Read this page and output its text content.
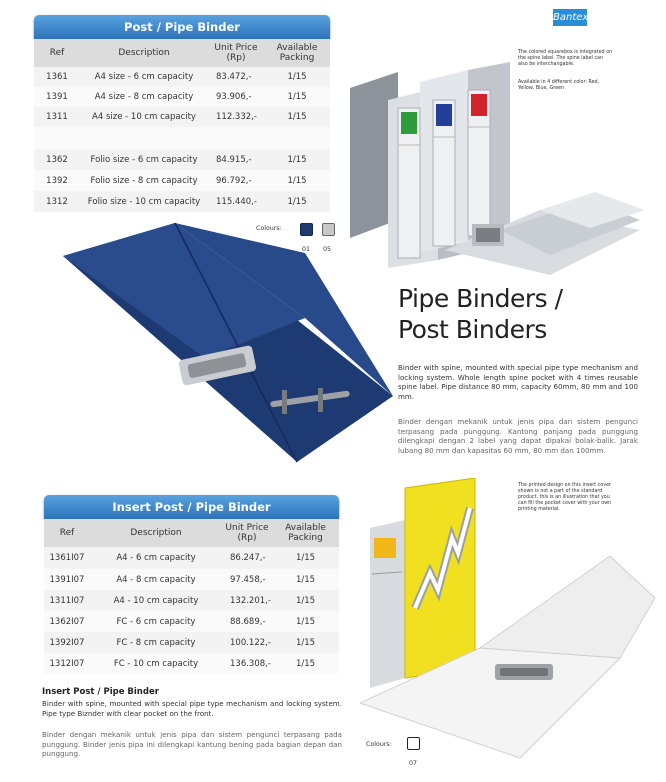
Bantex
Post / Pipe Binder
Ref	Description	Unit Price (Rp)	Available Packing
1361	A4 size - 6 cm capacity	83.472,-	1/15
1391	A4 size - 8 cm capacity	93.906,-	1/15
1311	A4 size - 10 cm capacity	112.332,-	1/15

1362	Folio size - 6 cm capacity	84.915,-	1/15
1392	Folio size - 8 cm capacity	96.792,-	1/15
1312	Folio size - 10 cm capacity	115.440,-	1/15
Colours:
01 05
The colored squarebox is integrated on the spine label. The spine label can also be interchangable.
Available in 4 different color: Red, Yellow, Blue, Green
Pipe Binders /
Post Binders
Binder with spine, mounted with special pipe type mechanism and locking system. Whole length spine pocket with 4 times reusable spine label. Pipe distance 80 mm, capacity 60mm, 80 mm and 100 mm.
Binder dengan mekanik untuk jenis pipa dan sistem pengunci terpasang pada punggung. Kantong panjang pada punggung dilengkapi dengan 2 label yang dapat dipakai bolak-balik. Jarak lubang 80 mm dan kapasitas 60 mm, 80 mm dan 100mm.
Insert Post / Pipe Binder
Ref	Description	Unit Price (Rp)	Available Packing
1361I07	A4 - 6 cm capacity	86.247,-	1/15
1391I07	A4 - 8 cm capacity	97.458,-	1/15
1311I07	A4 - 10 cm capacity	132.201,-	1/15
1362I07	FC - 6 cm capacity	88.689,-	1/15
1392I07	FC - 8 cm capacity	100.122,-	1/15
1312I07	FC - 10 cm capacity	136.308,-	1/15
The printed design on this insert cover shown is not a part of the standard product, this is an illustration that you can fill the pocket cover with your own printing material.
Insert Post / Pipe Binder
Binder with spine, mounted with special pipe type mechanism and locking system. Pipe type Biznder with clear pocket on the front.
Binder dengan mekanik untuk jenis pipa dan sistem pengunci terpasang pada punggung. Binder jenis pipa ini dilengkapi kantung bening pada bagian depan dan punggung.
Colours:
07
